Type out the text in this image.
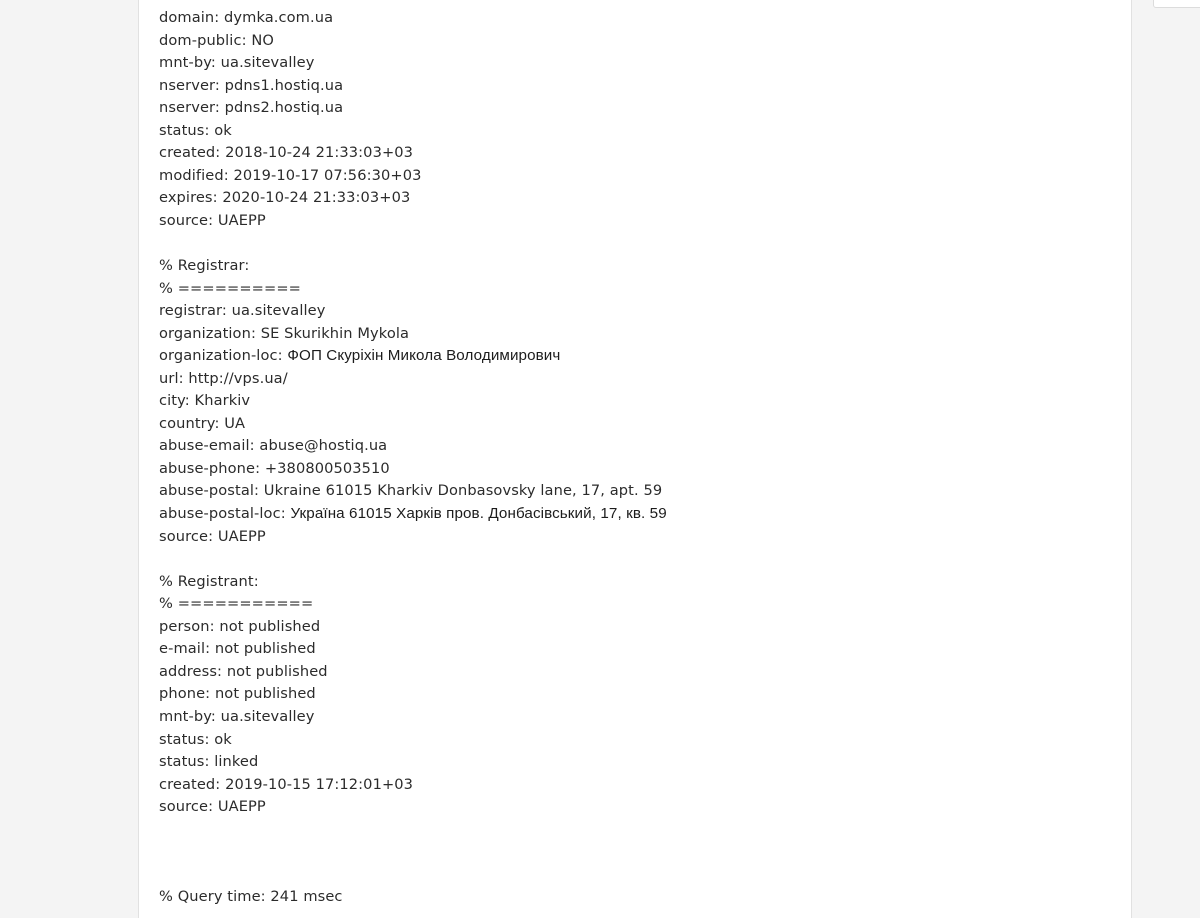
domain: dymka.com.ua
dom-public: NO
mnt-by: ua.sitevalley
nserver: pdns1.hostiq.ua
nserver: pdns2.hostiq.ua
status: ok
created: 2018-10-24 21:33:03+03
modified: 2019-10-17 07:56:30+03
expires: 2020-10-24 21:33:03+03
source: UAEPP
% Registrar:
% ==========
registrar: ua.sitevalley
organization: SE Skurikhin Mykola
organization-loc: ФОП Скурiхiн Микола Володимирович
url: http://vps.ua/
city: Kharkiv
country: UA
abuse-email: abuse@hostiq.ua
abuse-phone: +380800503510
abuse-postal: Ukraine 61015 Kharkiv Donbasovsky lane, 17, apt. 59
abuse-postal-loc: Україна 61015 Харків пров. Донбасівський, 17, кв. 59
source: UAEPP
% Registrant:
% ===========
person: not published
e-mail: not published
address: not published
phone: not published
mnt-by: ua.sitevalley
status: ok
status: linked
created: 2019-10-15 17:12:01+03
source: UAEPP
% Query time: 241 msec
